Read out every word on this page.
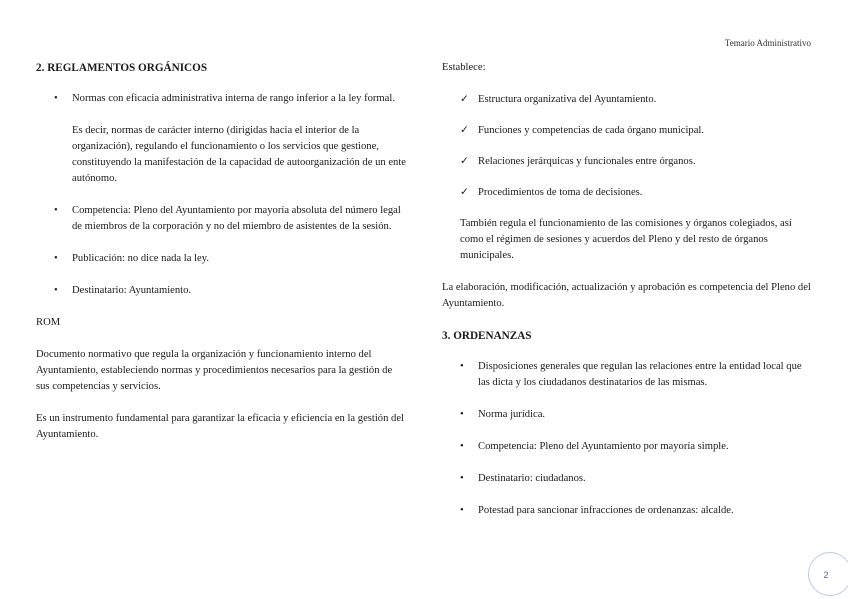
Temario Administrativo
2. REGLAMENTOS ORGÁNICOS
• Normas con eficacia administrativa interna de rango inferior a la ley formal.
Es decir, normas de carácter interno (dirigidas hacia el interior de la organización), regulando el funcionamiento o los servicios que gestione, constituyendo la manifestación de la capacidad de autoorganización de un ente autónomo.
• Competencia: Pleno del Ayuntamiento por mayoría absoluta del número legal de miembros de la corporación y no del miembro de asistentes de la sesión.
• Publicación: no dice nada la ley.
• Destinatario: Ayuntamiento.
ROM
Documento normativo que regula la organización y funcionamiento interno del Ayuntamiento, estableciendo normas y procedimientos necesarios para la gestión de sus competencias y servicios.
Es un instrumento fundamental para garantizar la eficacia y eficiencia en la gestión del Ayuntamiento.
Establece:
✓ Estructura organizativa del Ayuntamiento.
✓ Funciones y competencias de cada órgano municipal.
✓ Relaciones jerárquicas y funcionales entre órganos.
✓ Procedimientos de toma de decisiones.
También regula el funcionamiento de las comisiones y órganos colegiados, así como el régimen de sesiones y acuerdos del Pleno y del resto de órganos municipales.
La elaboración, modificación, actualización y aprobación es competencia del Pleno del Ayuntamiento.
3. ORDENANZAS
• Disposiciones generales que regulan las relaciones entre la entidad local que las dicta y los ciudadanos destinatarios de las mismas.
• Norma jurídica.
• Competencia: Pleno del Ayuntamiento por mayoría simple.
• Destinatario: ciudadanos.
• Potestad para sancionar infracciones de ordenanzas: alcalde.
2
